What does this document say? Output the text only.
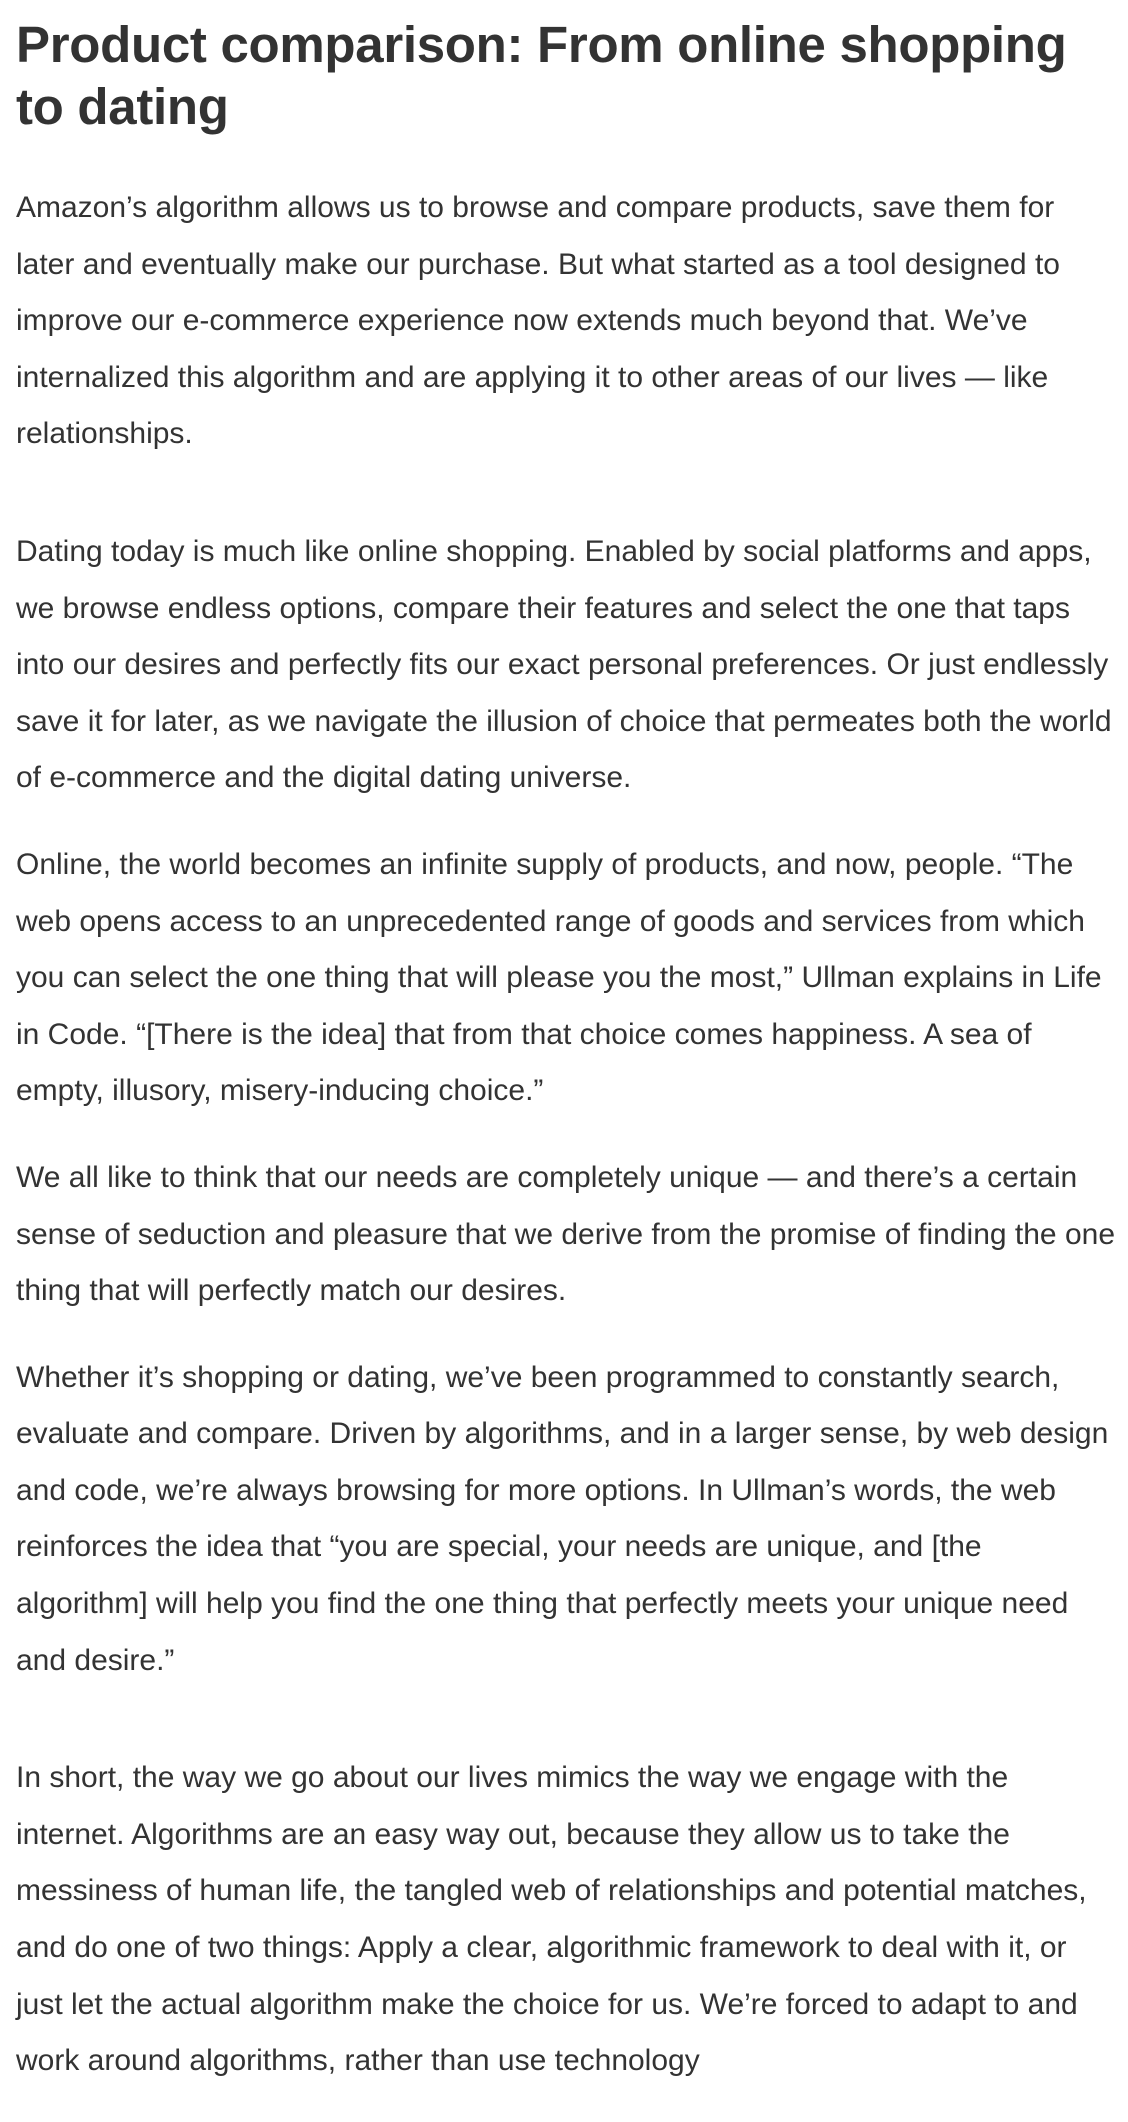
Product comparison: From online shopping to dating

Amazon’s algorithm allows us to browse and compare products, save them for later and eventually make our purchase. But what started as a tool designed to improve our e-commerce experience now extends much beyond that. We’ve internalized this algorithm and are applying it to other areas of our lives — like relationships.

Dating today is much like online shopping. Enabled by social platforms and apps, we browse endless options, compare their features and select the one that taps into our desires and perfectly fits our exact personal preferences. Or just endlessly save it for later, as we navigate the illusion of choice that permeates both the world of e-commerce and the digital dating universe.

Online, the world becomes an infinite supply of products, and now, people. “The web opens access to an unprecedented range of goods and services from which you can select the one thing that will please you the most,” Ullman explains in Life in Code. “[There is the idea] that from that choice comes happiness. A sea of empty, illusory, misery-inducing choice.”

We all like to think that our needs are completely unique — and there’s a certain sense of seduction and pleasure that we derive from the promise of finding the one thing that will perfectly match our desires.

Whether it’s shopping or dating, we’ve been programmed to constantly search, evaluate and compare. Driven by algorithms, and in a larger sense, by web design and code, we’re always browsing for more options. In Ullman’s words, the web reinforces the idea that “you are special, your needs are unique, and [the algorithm] will help you find the one thing that perfectly meets your unique need and desire.”

In short, the way we go about our lives mimics the way we engage with the internet. Algorithms are an easy way out, because they allow us to take the messiness of human life, the tangled web of relationships and potential matches, and do one of two things: Apply a clear, algorithmic framework to deal with it, or just let the actual algorithm make the choice for us. We’re forced to adapt to and work around algorithms, rather than use technology
